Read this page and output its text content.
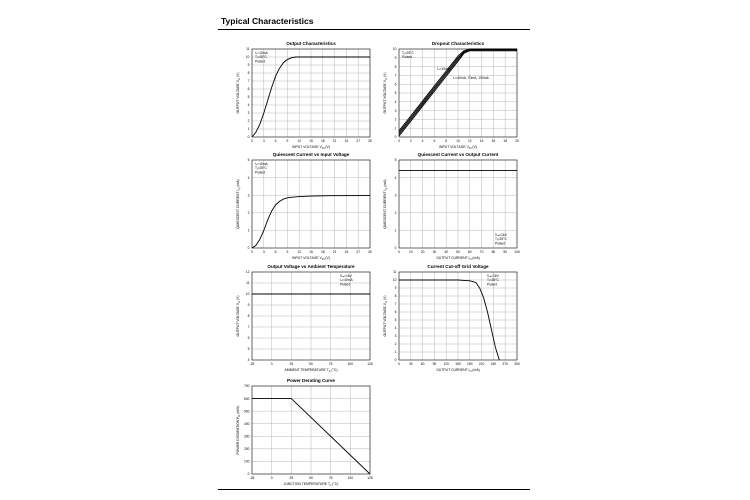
Typical Characteristics
Output Characteristics
0	3	6	9	12 15 18 21 24 27 30
0
1
2
3
4
5
6
7
8
9
10
11
INPUT VOLTAGE $V_{IN}$ (V)
OUTPUT VOLTAGE $V_O$ (V)
Iₒ=10mA
Tⱼ=25°C
Pulsed
Dropout Characteristics
0	2	4	6	8	10 12 14 16 18 20
0
1
2
3
4
5
6
7
8
9
10
INPUT VOLTAGE $V_{IN}$ (V)
OUTPUT VOLTAGE $V_O$ (V)
Tⱼ=25°C
Pulsed
Iₒ=10mA
Iₒ=40mA, 70mA, 100mA
Quiescent Current vs Input Voltage
0	3	6	9	12 15 18 21 24 27 30
0
1
2
3
4
5
INPUT VOLTAGE $V_{IN}$ (V)
QUIESCENT CURRENT $I_Q$ (mA)
Iₒ=10mA
Tⱼ=25°C
Pulsed
Quiescent Current vs Output Current
0	10 20 30 40 50 60 70 80 90 100
0
1
2
3
4
5
OUTPUT CURRENT $I_O$ (mA)
QUIESCENT CURRENT $I_Q$ (mA)
Vᵢₙ=16V
Tⱼ=25°C
Pulsed
Output Voltage vs Ambient Temperature
-25	0	25	50	75	100	125
4
5
6
7
8
9
10
11
12
AMBIENT TEMPERATURE $T_A$ (°C)
OUTPUT VOLTAGE $V_O$ (V)
Vᵢₙ=16V
Iₒ=40mA
Pulsed
Current Cut-off Grid Voltage
0	30 60 90 120 150 180 210 240 270 300
0
1
2
3
4
5
6
7
8
9
10
11
OUTPUT CURRENT $I_O$ (mA)
OUTPUT VOLTAGE $V_O$ (V)
Vᵢₙ=16V
Tⱼ=25°C
Pulsed
Power Derating Curve
-25	0	25	50	75	100	125
0
100
200
300
400
500
600
700
JUNCTION TEMPERATURE $T_J$ (°C)
POWER DISSIPATION $P_D$ (mW)
